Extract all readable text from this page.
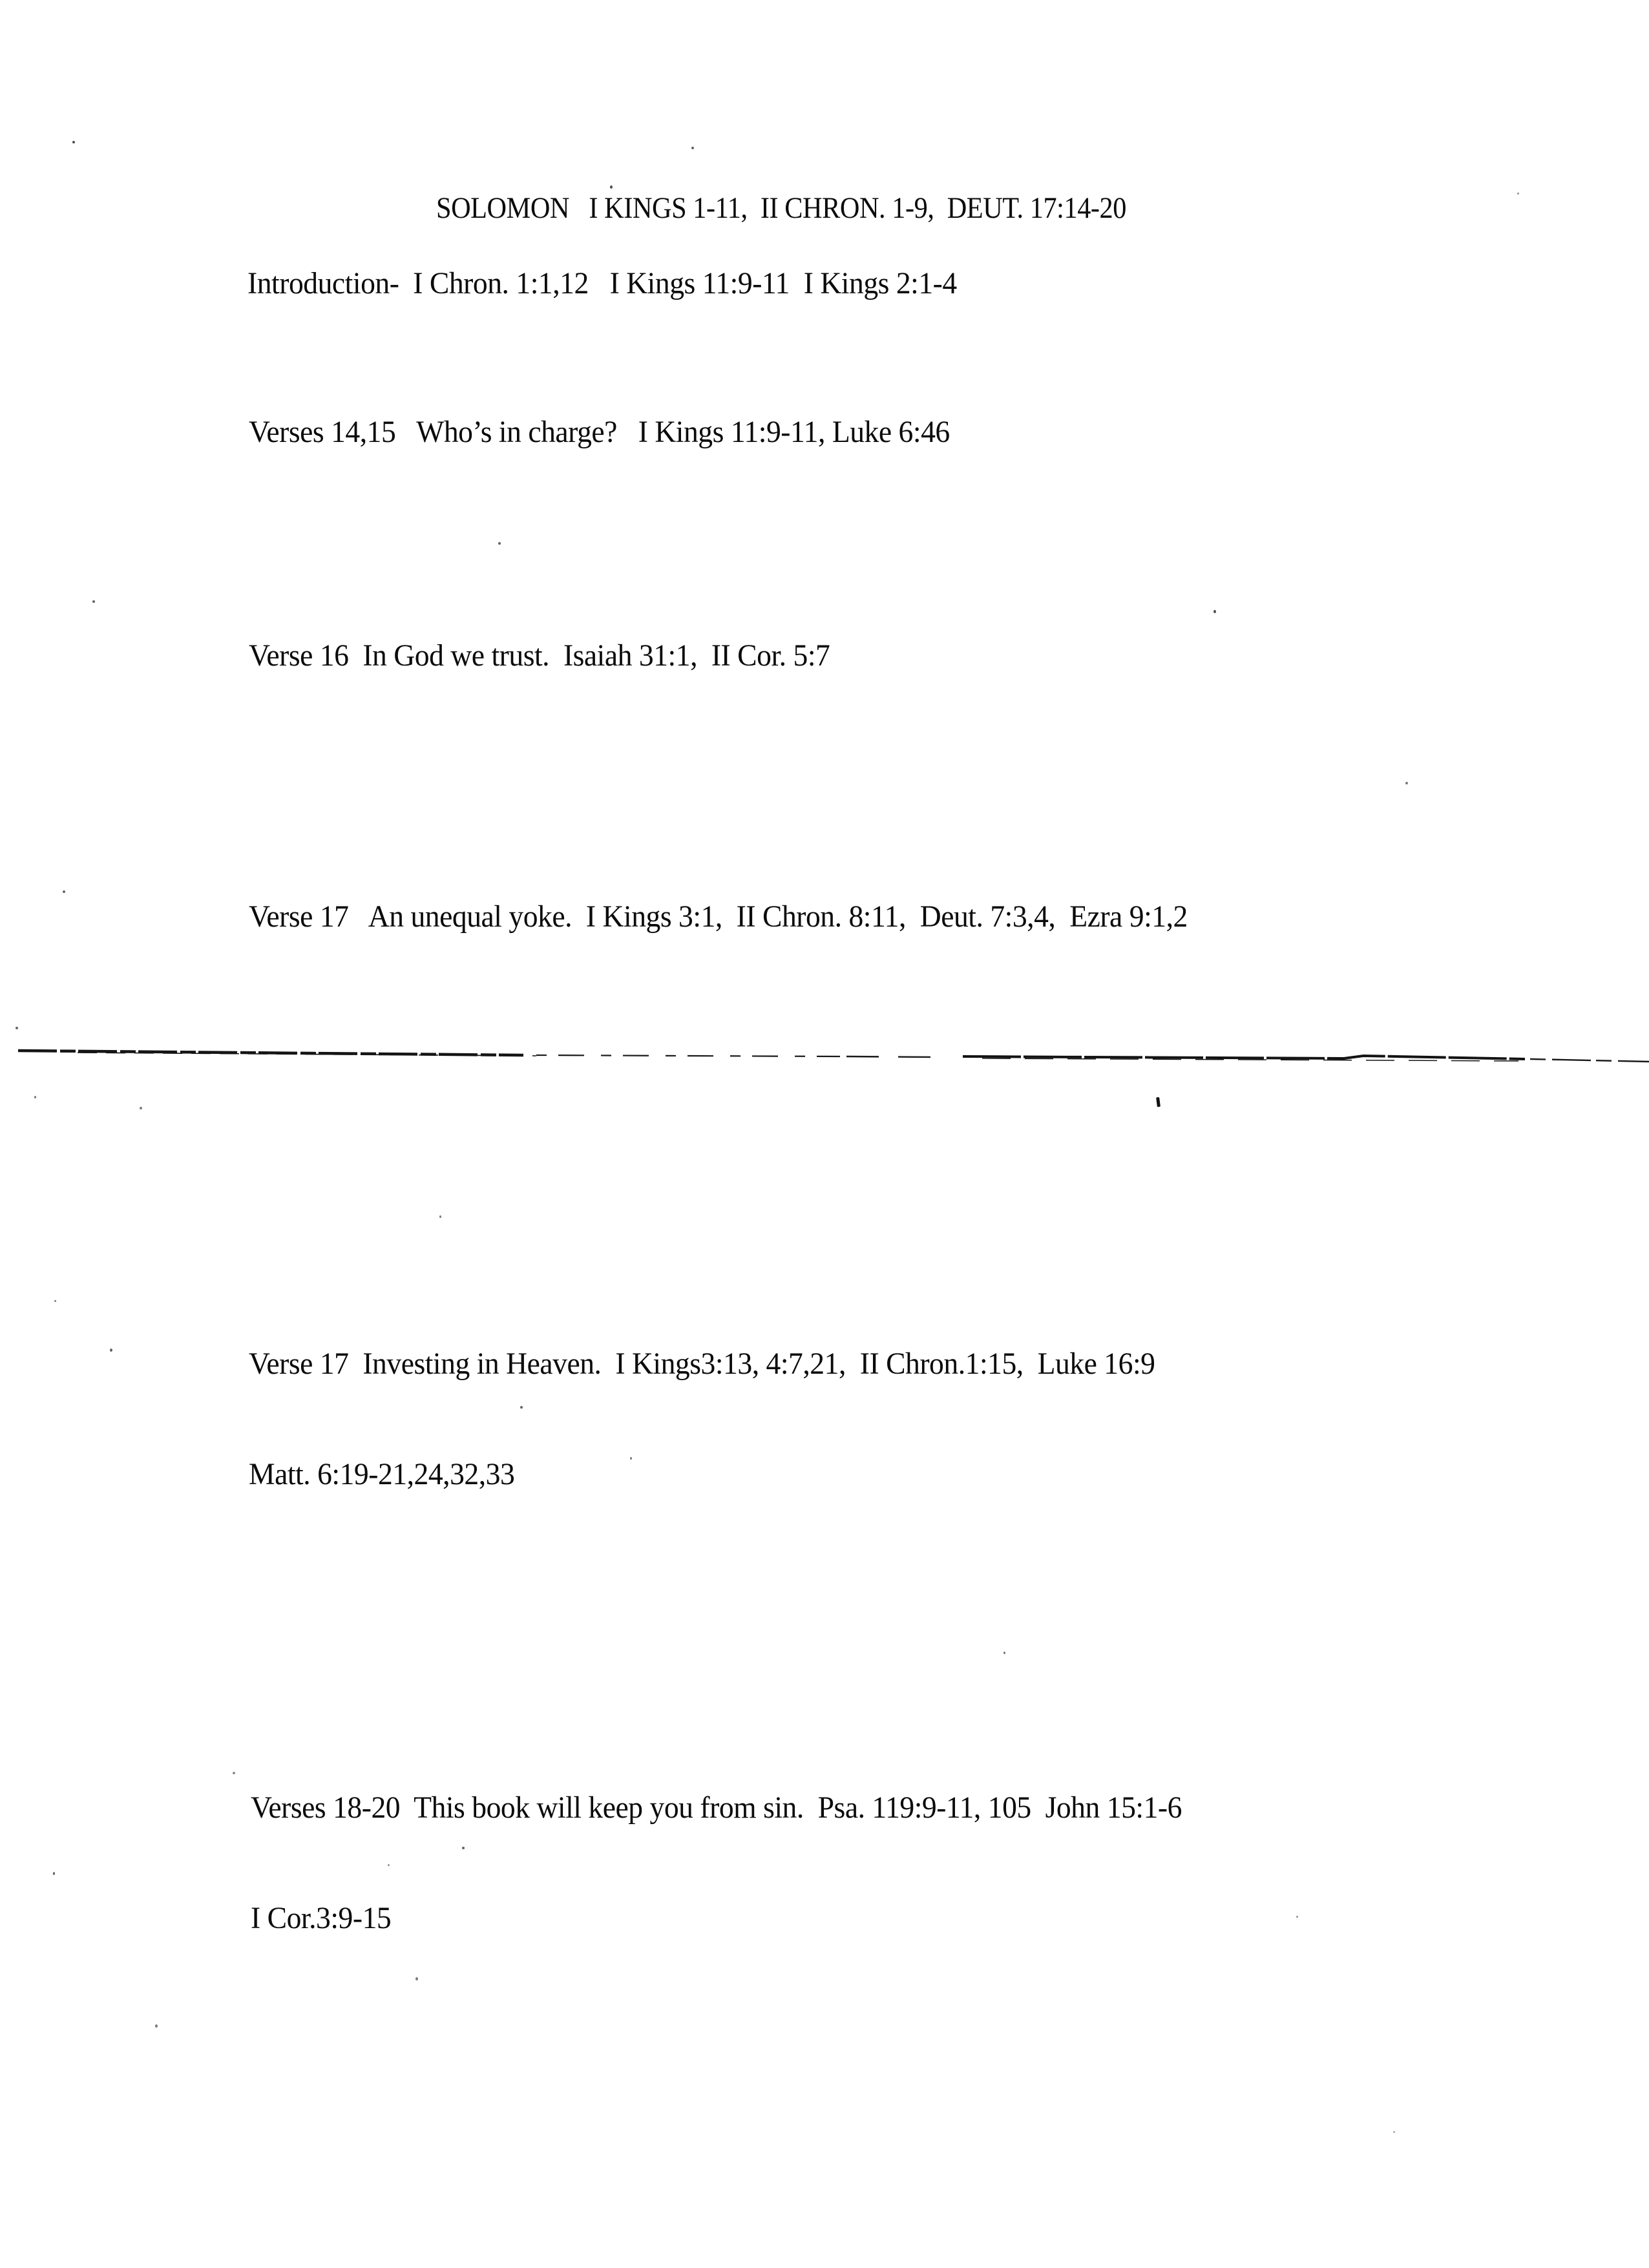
SOLOMON   I KINGS 1-11,  II CHRON. 1-9,  DEUT. 17:14-20
Introduction-  I Chron. 1:1,12   I Kings 11:9-11  I Kings 2:1-4
Verses 14,15   Who’s in charge?   I Kings 11:9-11, Luke 6:46
Verse 16  In God we trust.  Isaiah 31:1,  II Cor. 5:7
Verse 17   An unequal yoke.  I Kings 3:1,  II Chron. 8:11,  Deut. 7:3,4,  Ezra 9:1,2

Verse 17  Investing in Heaven.  I Kings3:13, 4:7,21,  II Chron.1:15,  Luke 16:9

Matt. 6:19-21,24,32,33

Verses 18-20  This book will keep you from sin.  Psa. 119:9-11, 105  John 15:1-6

I Cor.3:9-15
